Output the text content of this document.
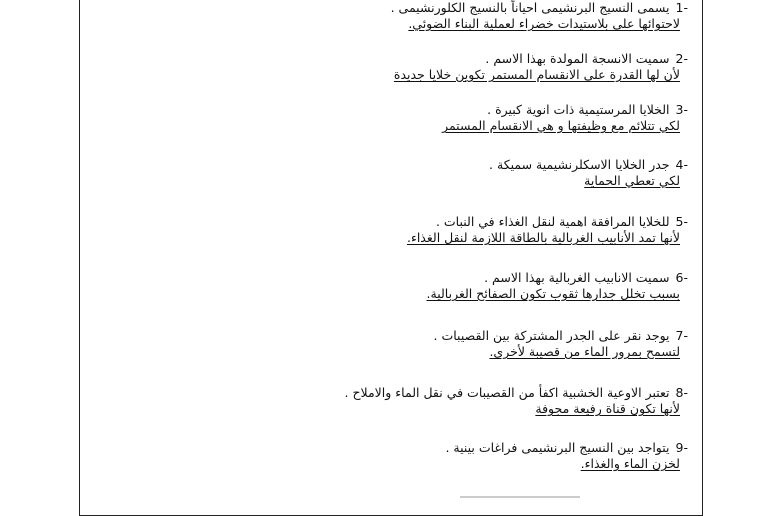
-1يسمى النسيج البرنشيمى احياناً بالنسيج الكلورنشيمى .
لاحتوائها على بلاستيدات خضراء لعملية البناء الضوئي.
-2سميت الانسجة المولدة بهذا الاسم .
لأن لها القدرة على الانقسام المستمر تكوين خلايا جديدة
-3الخلايا المرستيمية ذات انوية كبيرة .
لكي تتلائم مع وظيفتها و هي الانقسام المستمر
-4جدر الخلايا الاسكلرنشيمية سميكة .
لكي تعطي الحماية
-5للخلايا المرافقة اهمية لنقل الغذاء في النبات .
لأنها تمد الأنابيب الغربالية بالطاقة اللازمة لنقل الغذاء.
-6سميت الانابيب الغربالية بهذا الاسم .
بسبب تخلل جدارها ثقوب تكون الصفائح الغربالية.
-7يوجد نقر على الجدر المشتركة بين القصيبات .
لتسمح بمرور الماء من قصيبة لأخرى.
-8تعتبر الاوعية الخشبية اكفأ من القصيبات في نقل الماء والاملاح .
لأنها تكون قناة رفيعة مجوفة
-9يتواجد بين النسيج البرنشيمى فراغات بينية .
لخزن الماء والغذاء.
